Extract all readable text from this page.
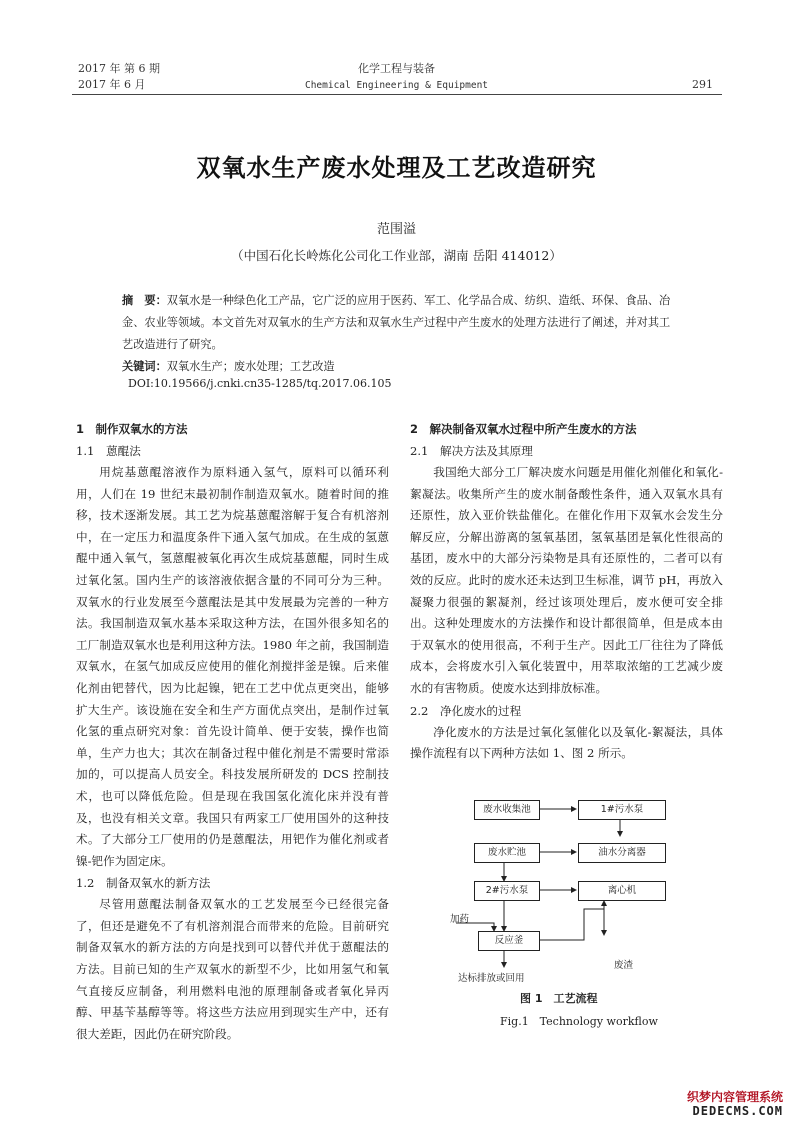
2017 年 第 6 期
2017 年 6 月
化学工程与装备
Chemical Engineering & Equipment	291
双氧水生产废水处理及工艺改造研究
范围溢
（中国石化长岭炼化公司化工作业部，湖南 岳阳 414012）
摘　要：双氧水是一种绿色化工产品，它广泛的应用于医药、军工、化学品合成、纺织、造纸、环保、食品、冶金、农业等领域。本文首先对双氧水的生产方法和双氧水生产过程中产生废水的处理方法进行了阐述，并对其工艺改造进行了研究。
关键词：双氧水生产；废水处理；工艺改造
DOI:10.19566/j.cnki.cn35-1285/tq.2017.06.105
1　制作双氧水的方法
1.1　蒽醌法

用烷基蒽醌溶液作为原料通入氢气，原料可以循环利用，人们在 19 世纪末最初制作制造双氧水。随着时间的推移，技术逐渐发展。其工艺为烷基蒽醌溶解于复合有机溶剂中，在一定压力和温度条件下通入氢气加成。在生成的氢蒽醌中通入氧气，氢蒽醌被氧化再次生成烷基蒽醌，同时生成过氧化氢。国内生产的该溶液依据含量的不同可分为三种。双氧水的行业发展至今蒽醌法是其中发展最为完善的一种方法。我国制造双氧水基本采取这种方法，在国外很多知名的工厂制造双氧水也是利用这种方法。1980 年之前，我国制造双氧水，在氢气加成反应使用的催化剂搅拌釜是镍。后来催化剂由钯替代，因为比起镍，钯在工艺中优点更突出，能够扩大生产。该设施在安全和生产方面优点突出，是制作过氧化氢的重点研究对象：首先设计简单、便于安装，操作也简单，生产力也大；其次在制备过程中催化剂是不需要时常添加的，可以提高人员安全。科技发展所研发的 DCS 控制技术，也可以降低危险。但是现在我国氢化流化床并没有普及，也没有相关文章。我国只有两家工厂使用国外的这种技术。了大部分工厂使用的仍是蒽醌法，用钯作为催化剂或者镍-钯作为固定床。

1.2　制备双氧水的新方法

尽管用蒽醌法制备双氧水的工艺发展至今已经很完备了，但还是避免不了有机溶剂混合而带来的危险。目前研究制备双氧水的新方法的方向是找到可以替代并优于蒽醌法的方法。目前已知的生产双氧水的新型不少，比如用氢气和氧气直接反应制备，利用燃料电池的原理制备或者氧化异丙醇、甲基苄基醇等等。将这些方法应用到现实生产中，还有很大差距，因此仍在研究阶段。

2　解决制备双氧水过程中所产生废水的方法
2.1　解决方法及其原理

我国绝大部分工厂解决废水问题是用催化剂催化和氧化-絮凝法。收集所产生的废水制备酸性条件，通入双氧水具有还原性，放入亚价铁盐催化。在催化作用下双氧水会发生分解反应，分解出游离的氢氧基团，氢氧基团是氧化性很高的基团，废水中的大部分污染物是具有还原性的，二者可以有效的反应。此时的废水还未达到卫生标准，调节 pH，再放入凝聚力很强的絮凝剂，经过该项处理后，废水便可安全排出。这种处理废水的方法操作和设计都很简单，但是成本由于双氧水的使用很高，不利于生产。因此工厂往往为了降低成本，会将废水引入氧化装置中，用萃取浓缩的工艺减少废水的有害物质。使废水达到排放标准。

2.2　净化废水的过程

净化废水的方法是过氧化氢催化以及氧化-絮凝法，具体操作流程有以下两种方法如 1、图 2 所示。

废水收集池	1#污水泵
废水贮池	油水分离器
2#污水泵	离心机
反应釜
加药
达标排放或回用
废渣
图 1　工艺流程
Fig.1　Technology workflow
织梦内容管理系统
DEDECMS.COM
